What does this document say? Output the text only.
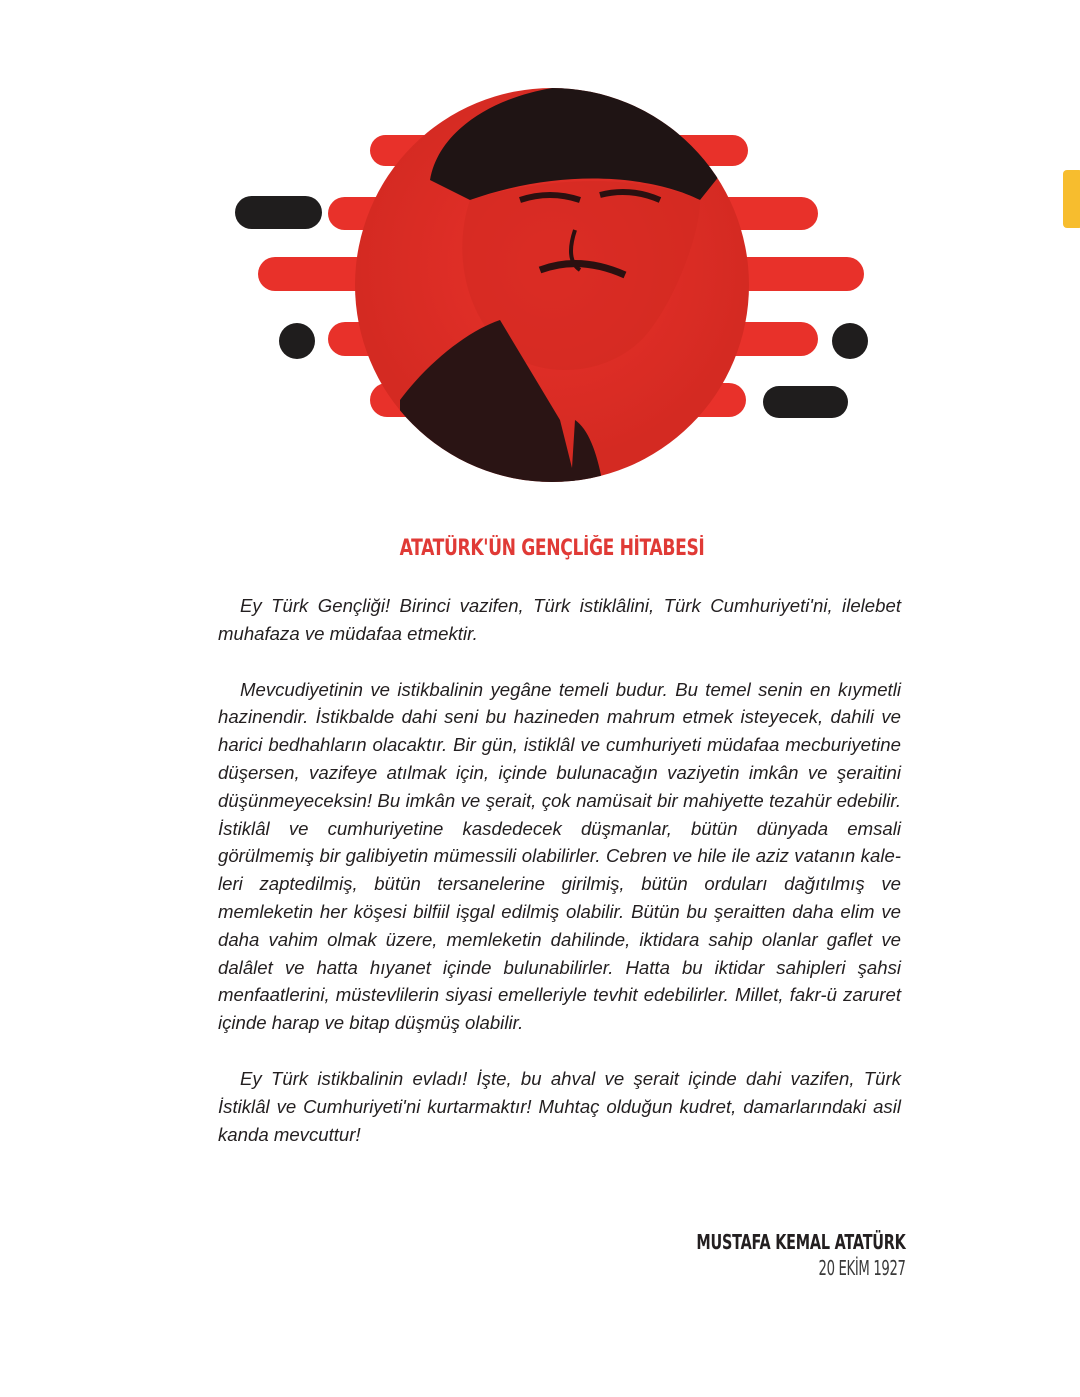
ATATÜRK'ÜN GENÇLİĞE HİTABESİ

Ey Türk Gençliği! Birinci vazifen, Türk istiklâlini, Türk Cumhuriyeti'ni, ilelebet muhafaza ve müdafaa etmektir.

Mevcudiyetinin ve istikbalinin yegâne temeli budur. Bu temel senin en kıymetli hazinendir. İstikbalde dahi seni bu hazineden mahrum etmek isteyecek, dahili ve harici bedhahların olacaktır. Bir gün, istiklâl ve cumhuriyeti müdafaa mecburiyetine düşersen, vazifeye atılmak için, içinde bulunacağın vaziyetin imkân ve şeraitini düşünmeyeceksin! Bu imkân ve şerait, çok namüsait bir mahiyette tezahür edebilir. İstiklâl ve cumhuriyetine kasdedecek düşmanlar, bütün dünyada emsali görülmemiş bir galibiyetin mümessili olabilirler. Cebren ve hile ile aziz vatanın kaleleri zaptedilmiş, bütün tersanelerine girilmiş, bütün orduları dağıtılmış ve memleketin her köşesi bilfiil işgal edilmiş olabilir. Bütün bu şeraitten daha elim ve daha vahim olmak üzere, memleketin dahilinde, iktidara sahip olanlar gaflet ve dalâlet ve hatta hıyanet içinde bulunabilirler. Hatta bu iktidar sahipleri şahsi menfaatlerini, müstevlilerin siyasi emelleriyle tevhit edebilirler. Millet, fakr-ü zaruret içinde harap ve bitap düşmüş olabilir.

Ey Türk istikbalinin evladı! İşte, bu ahval ve şerait içinde dahi vazifen, Türk İstiklâl ve Cumhuriyeti'ni kurtarmaktır! Muhtaç olduğun kudret, damarlarındaki asil kanda mevcuttur!

MUSTAFA KEMAL ATATÜRK
20 EKİM 1927
